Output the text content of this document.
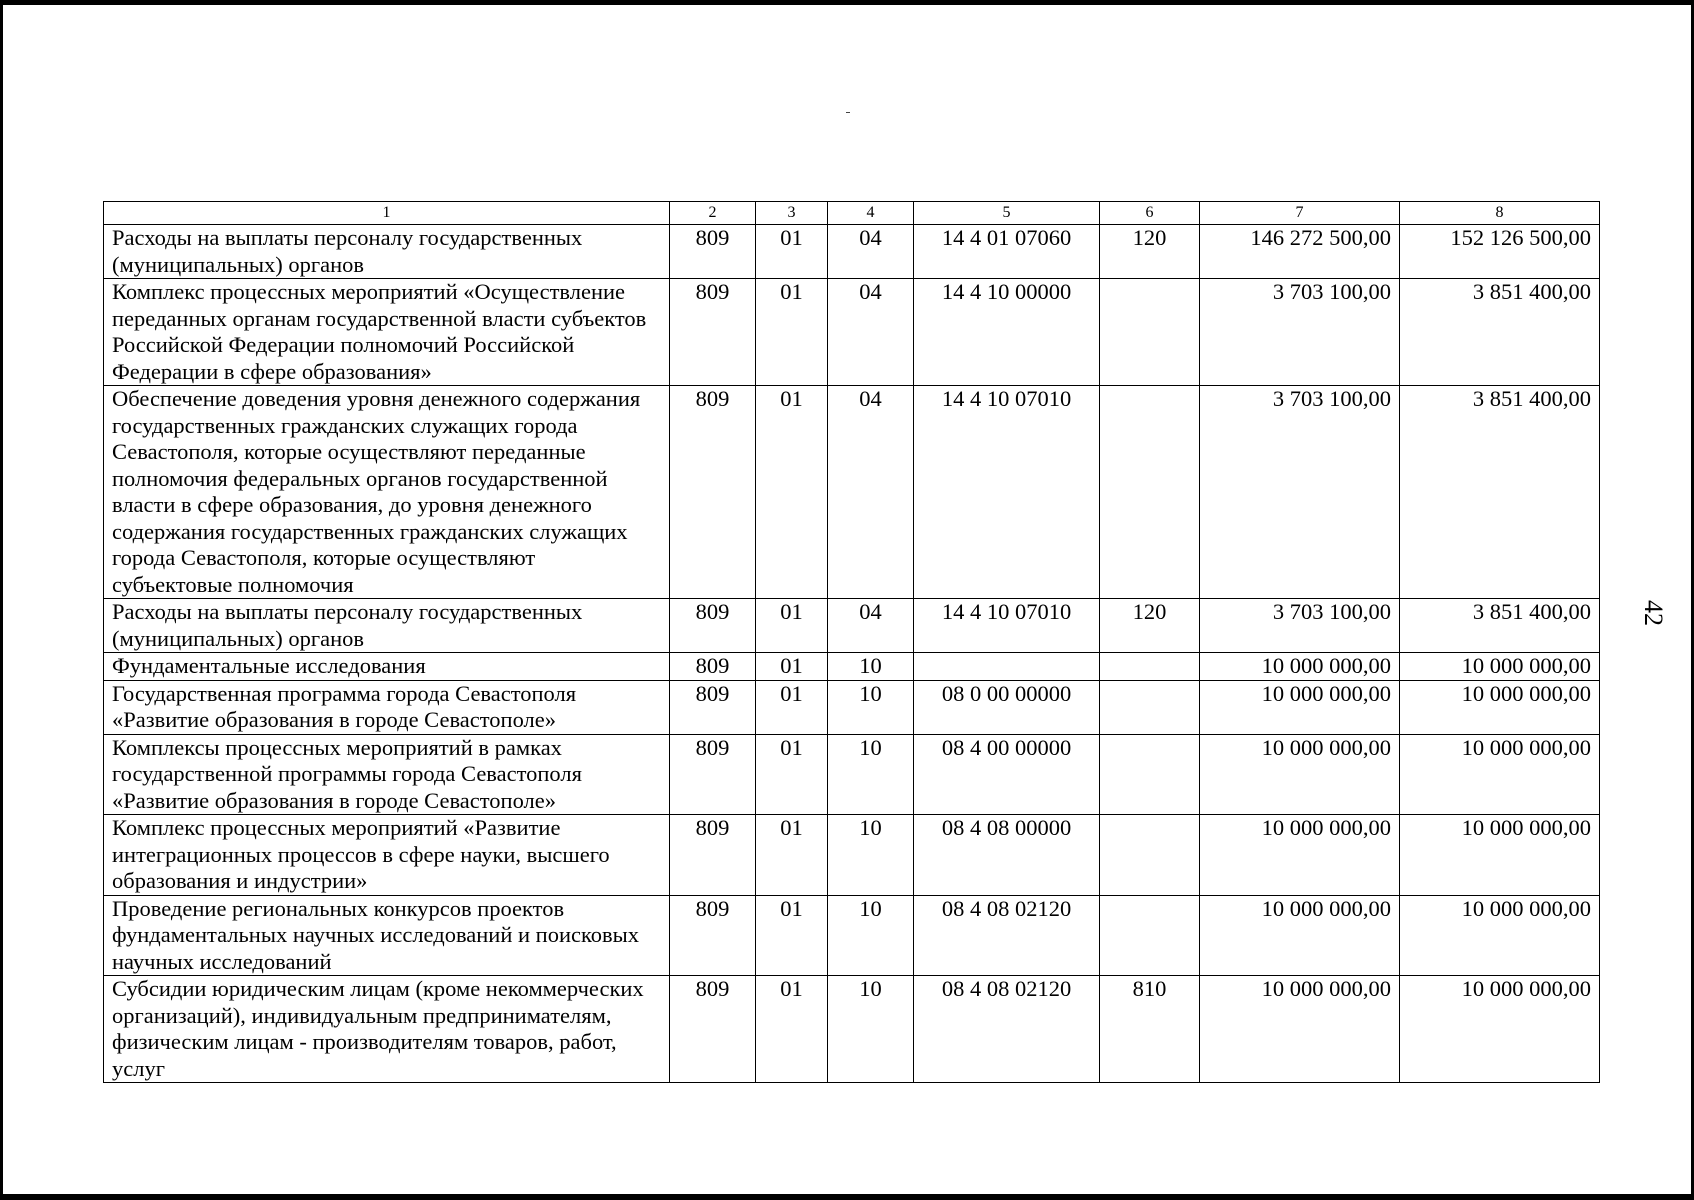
42
1	2	3	4	5	6	7	8
Расходы на выплаты персоналу государственных (муниципальных) органов	809	01	04	14 4 01 07060	120	146 272 500,00	152 126 500,00
Комплекс процессных мероприятий «Осуществление переданных органам государственной власти субъектов Российской Федерации полномочий Российской Федерации в сфере образования»	809	01	04	14 4 10 00000		3 703 100,00	3 851 400,00
Обеспечение доведения уровня денежного содержания государственных гражданских служащих города Севастополя, которые осуществляют переданные полномочия федеральных органов государственной власти в сфере образования, до уровня денежного содержания государственных гражданских служащих города Севастополя, которые осуществляют субъектовые полномочия	809	01	04	14 4 10 07010		3 703 100,00	3 851 400,00
Расходы на выплаты персоналу государственных (муниципальных) органов	809	01	04	14 4 10 07010	120	3 703 100,00	3 851 400,00
Фундаментальные исследования	809	01	10			10 000 000,00	10 000 000,00
Государственная программа города Севастополя «Развитие образования в городе Севастополе»	809	01	10	08 0 00 00000		10 000 000,00	10 000 000,00
Комплексы процессных мероприятий в рамках государственной программы города Севастополя «Развитие образования в городе Севастополе»	809	01	10	08 4 00 00000		10 000 000,00	10 000 000,00
Комплекс процессных мероприятий «Развитие интеграционных процессов в сфере науки, высшего образования и индустрии»	809	01	10	08 4 08 00000		10 000 000,00	10 000 000,00
Проведение региональных конкурсов проектов фундаментальных научных исследований и поисковых научных исследований	809	01	10	08 4 08 02120		10 000 000,00	10 000 000,00
Субсидии юридическим лицам (кроме некоммерческих организаций), индивидуальным предпринимателям, физическим лицам - производителям товаров, работ, услуг	809	01	10	08 4 08 02120	810	10 000 000,00	10 000 000,00
